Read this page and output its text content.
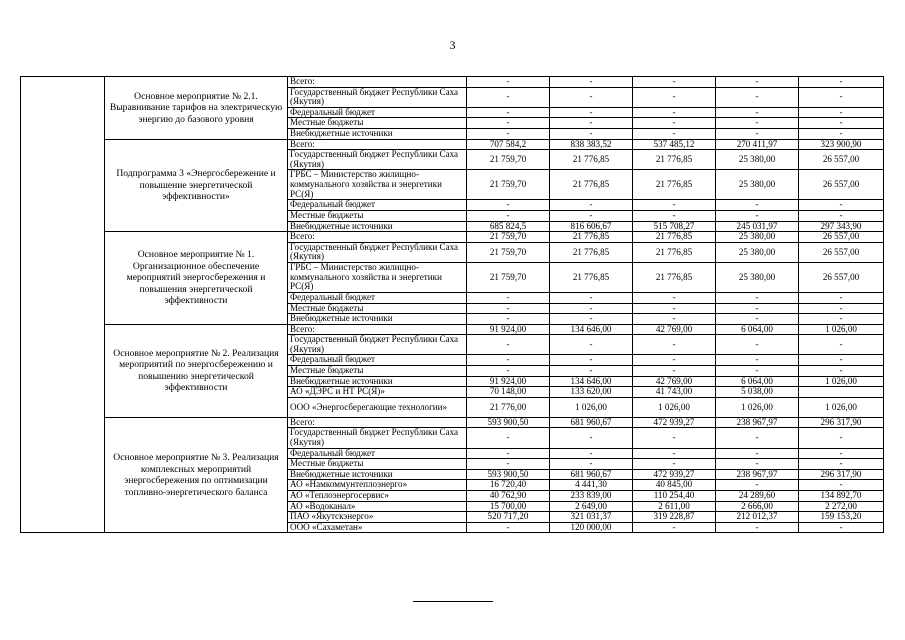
3
	Основное мероприятие № 2.1. Выравнивание тарифов на электрическую энергию до базового уровня	Всего:	-	-	-	-	-
		Государственный бюджет Республики Саха (Якутия)	-	-	-	-	-
		Федеральный бюджет	-	-	-	-	-
		Местные бюджеты	-	-	-	-	-
		Внебюджетные источники	-	-	-	-	-
	Подпрограмма 3 «Энергосбережение и повышение энергетической эффективности»	Всего:	707 584,2	838 383,52	537 485,12	270 411,97	323 900,90
		Государственный бюджет Республики Саха (Якутия)	21 759,70	21 776,85	21 776,85	25 380,00	26 557,00
		ГРБС – Министерство жилищно-коммунального хозяйства и энергетики РС(Я)	21 759,70	21 776,85	21 776,85	25 380,00	26 557,00
		Федеральный бюджет	-	-	-	-	-
		Местные бюджеты	-	-	-	-	-
		Внебюджетные источники	685 824,5	816 606,67	515 708,27	245 031,97	297 343,90
	Основное мероприятие № 1. Организационное обеспечение мероприятий энергосбережения и повышения энергетической эффективности	Всего:	21 759,70	21 776,85	21 776,85	25 380,00	26 557,00
		Государственный бюджет Республики Саха (Якутия)	21 759,70	21 776,85	21 776,85	25 380,00	26 557,00
		ГРБС – Министерство жилищно-коммунального хозяйства и энергетики РС(Я)	21 759,70	21 776,85	21 776,85	25 380,00	26 557,00
		Федеральный бюджет	-	-	-	-	-
		Местные бюджеты	-	-	-	-	-
		Внебюджетные источники	-	-	-	-	-
	Основное мероприятие № 2. Реализация мероприятий по энергосбережению и повышению энергетической эффективности	Всего:	91 924,00	134 646,00	42 769,00	6 064,00	1 026,00
		Государственный бюджет Республики Саха (Якутия)	-	-	-	-	-
		Федеральный бюджет	-	-	-	-	-
		Местные бюджеты	-	-	-	-	-
		Внебюджетные источники	91 924,00	134 646,00	42 769,00	6 064,00	1 026,00
		АО «ДЭРС и НТ РС(Я)»	70 148,00	133 620,00	41 743,00	5 038,00	
		ООО «Энергосберегающие технологии»	21 776,00	1 026,00	1 026,00	1 026,00	1 026,00
	Основное мероприятие № 3. Реализация комплексных мероприятий энергосбережения по оптимизации топливно-энергетического баланса	Всего:	593 900,50	681 960,67	472 939,27	238 967,97	296 317,90
		Государственный бюджет Республики Саха (Якутия)	-	-	-	-	-
		Федеральный бюджет	-	-	-	-	-
		Местные бюджеты	-	-	-	-	-
		Внебюджетные источники	593 900,50	681 960,67	472 939,27	238 967,97	296 317,90
		АО «Намкоммунтеплоэнерго»	16 720,40	4 441,30	40 845,00	-	-
		АО «Теплоэнергосервис»	40 762,90	233 839,00	110 254,40	24 289,60	134 892,70
		АО «Водоканал»	15 700,00	2 649,00	2 611,00	2 666,00	2 272,00
		ПАО «Якутскэнерго»	520 717,20	321 031,37	319 228,87	212 012,37	159 153,20
		ООО «Сахаметан»	-	120 000,00	-	-	-
